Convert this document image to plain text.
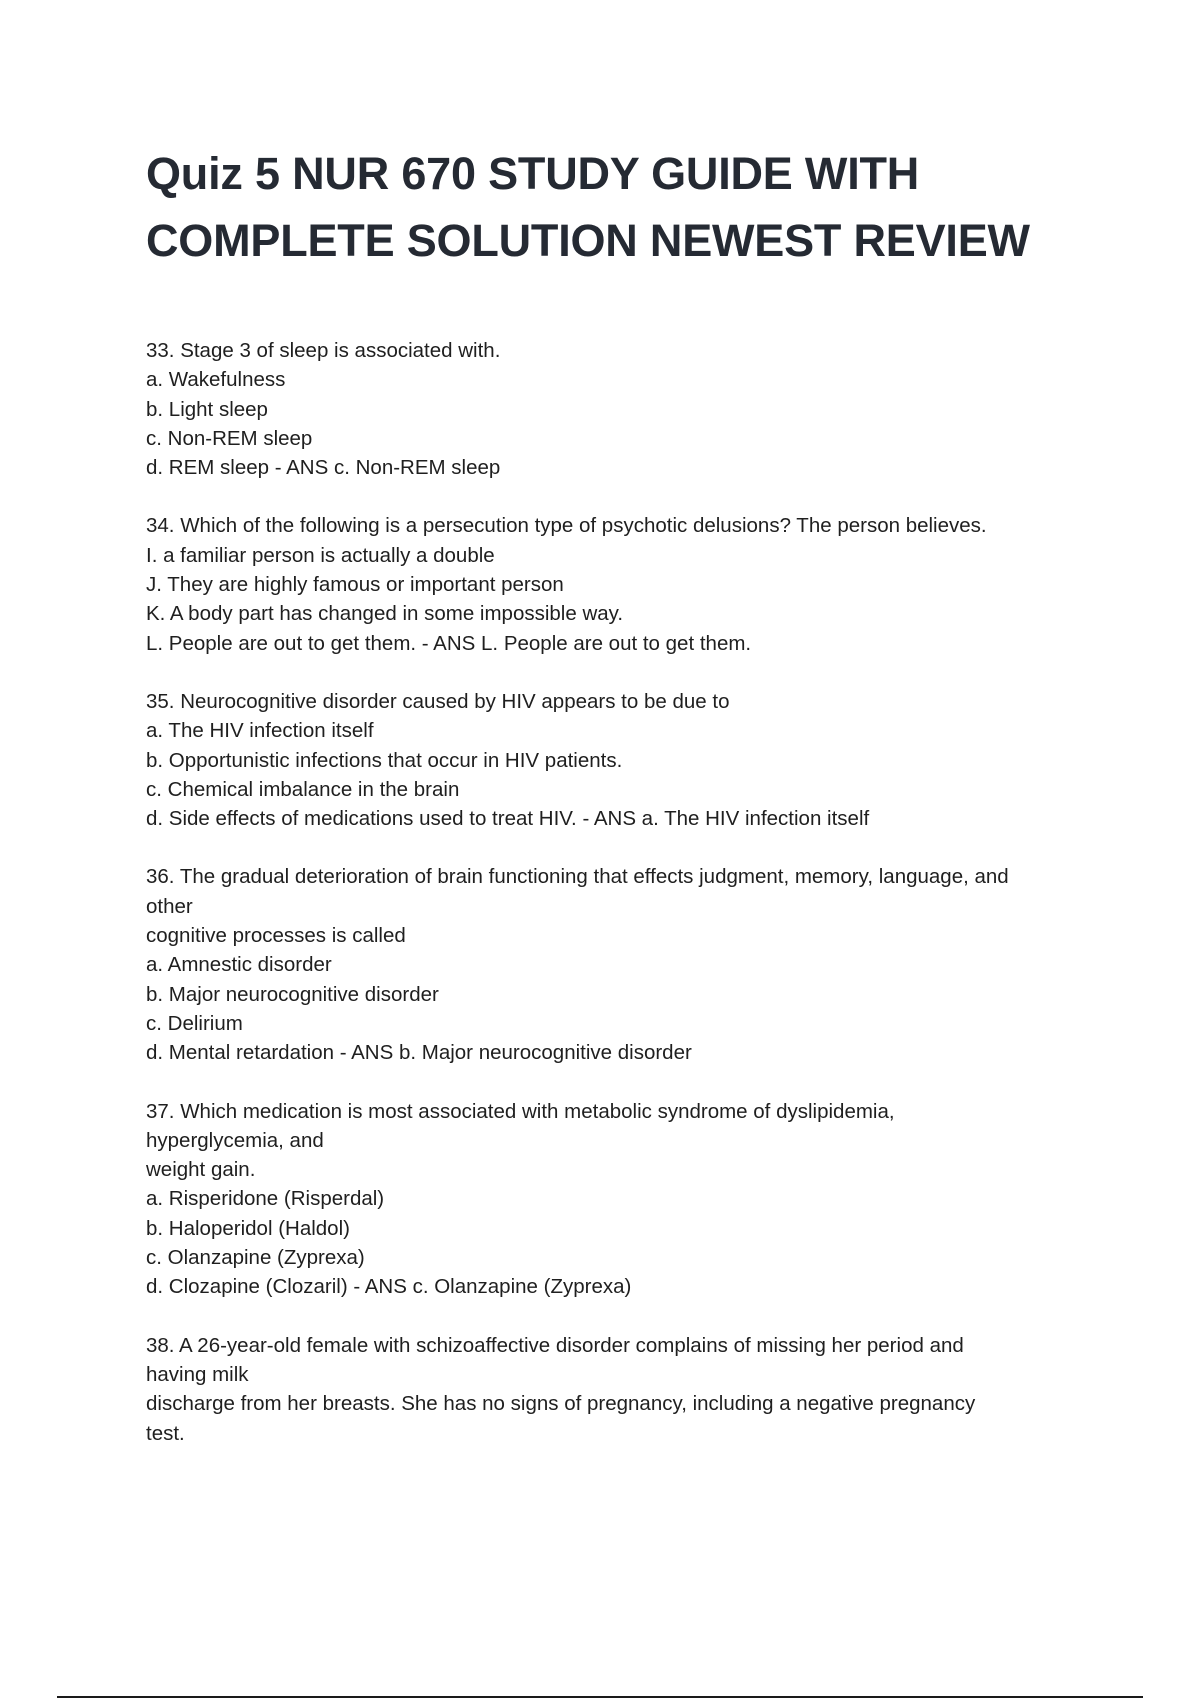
Quiz 5 NUR 670 STUDY GUIDE WITH
COMPLETE SOLUTION NEWEST REVIEW
33. Stage 3 of sleep is associated with.
a. Wakefulness
b. Light sleep
c. Non-REM sleep
d. REM sleep - ANS c. Non-REM sleep
34. Which of the following is a persecution type of psychotic delusions? The person believes.
I. a familiar person is actually a double
J. They are highly famous or important person
K. A body part has changed in some impossible way.
L. People are out to get them. - ANS L. People are out to get them.
35. Neurocognitive disorder caused by HIV appears to be due to
a. The HIV infection itself
b. Opportunistic infections that occur in HIV patients.
c. Chemical imbalance in the brain
d. Side effects of medications used to treat HIV. - ANS a. The HIV infection itself
36. The gradual deterioration of brain functioning that effects judgment, memory, language, and
other
cognitive processes is called
a. Amnestic disorder
b. Major neurocognitive disorder
c. Delirium
d. Mental retardation - ANS b. Major neurocognitive disorder
37. Which medication is most associated with metabolic syndrome of dyslipidemia,
hyperglycemia, and
weight gain.
a. Risperidone (Risperdal)
b. Haloperidol (Haldol)
c. Olanzapine (Zyprexa)
d. Clozapine (Clozaril) - ANS c. Olanzapine (Zyprexa)
38. A 26-year-old female with schizoaffective disorder complains of missing her period and
having milk
discharge from her breasts. She has no signs of pregnancy, including a negative pregnancy
test.
